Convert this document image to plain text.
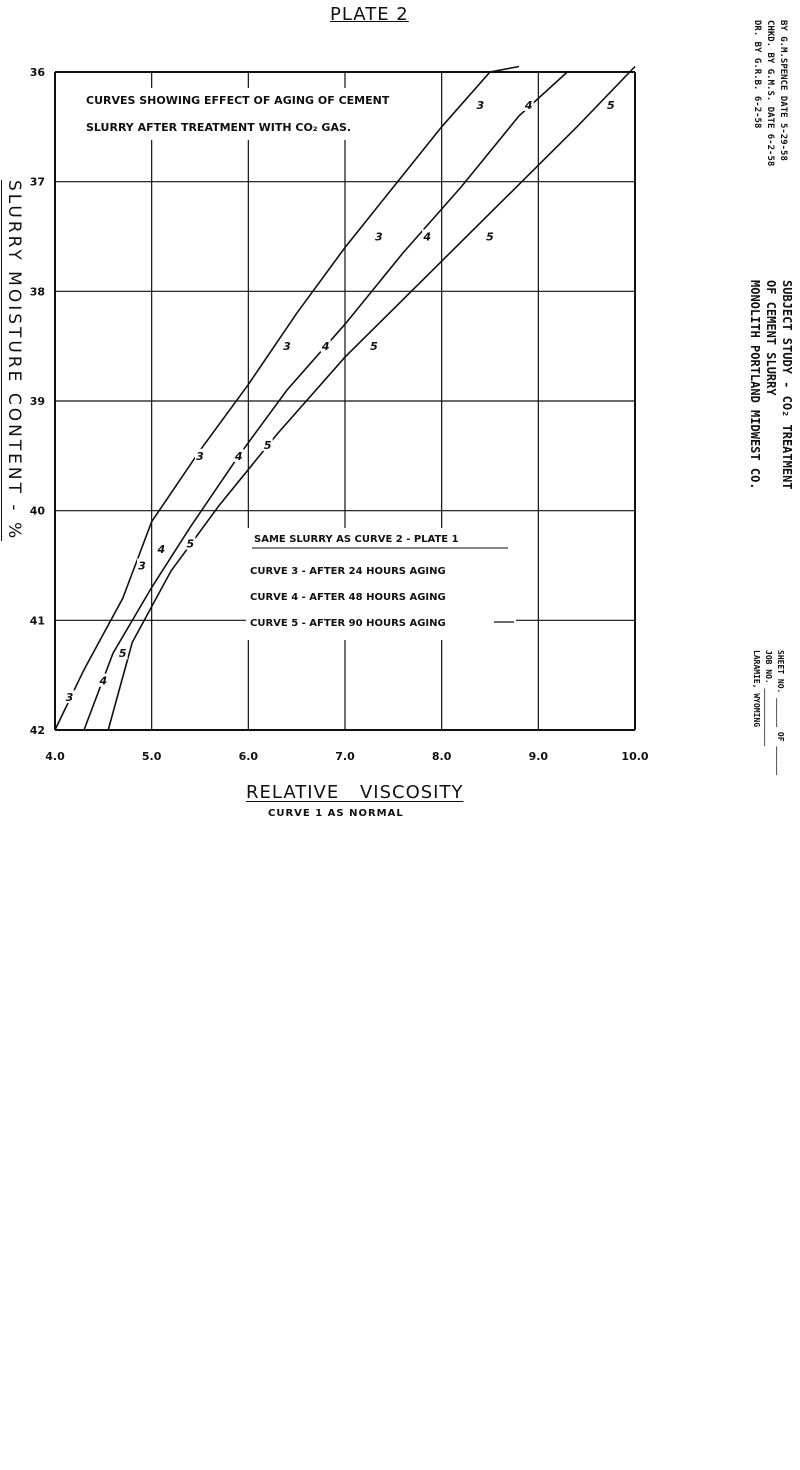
PLATE 2
SLURRY MOISTURE CONTENT - %
4.0	5.0	6.0	7.0	8.0	9.0	10.0
36
37
38
39
40
41
42
CURVES SHOWING EFFECT OF AGING OF CEMENT
SLURRY AFTER TREATMENT WITH CO₂ GAS.
3
3
3
3
3
3
4
4
4
4
4
4
5
5
5
5
5
5
SAME SLURRY AS CURVE 2 - PLATE 1
CURVE 3 - AFTER 24 HOURS AGING
CURVE 4 - AFTER 48 HOURS AGING
CURVE 5 - AFTER 90 HOURS AGING
RELATIVE VISCOSITY
CURVE 1 AS NORMAL
BY G.M.SPENCE DATE 5-29-58
CHKD. BY G.M.S. DATE 6-2-58
DR. BY G.R.B. 6-2-58
SUBJECT STUDY - CO₂ TREATMENT
OF CEMENT SLURRY
MONOLITH PORTLAND MIDWEST CO.
SHEET NO. ______ OF ______
JOB NO. ____________
LARAMIE, WYOMING
